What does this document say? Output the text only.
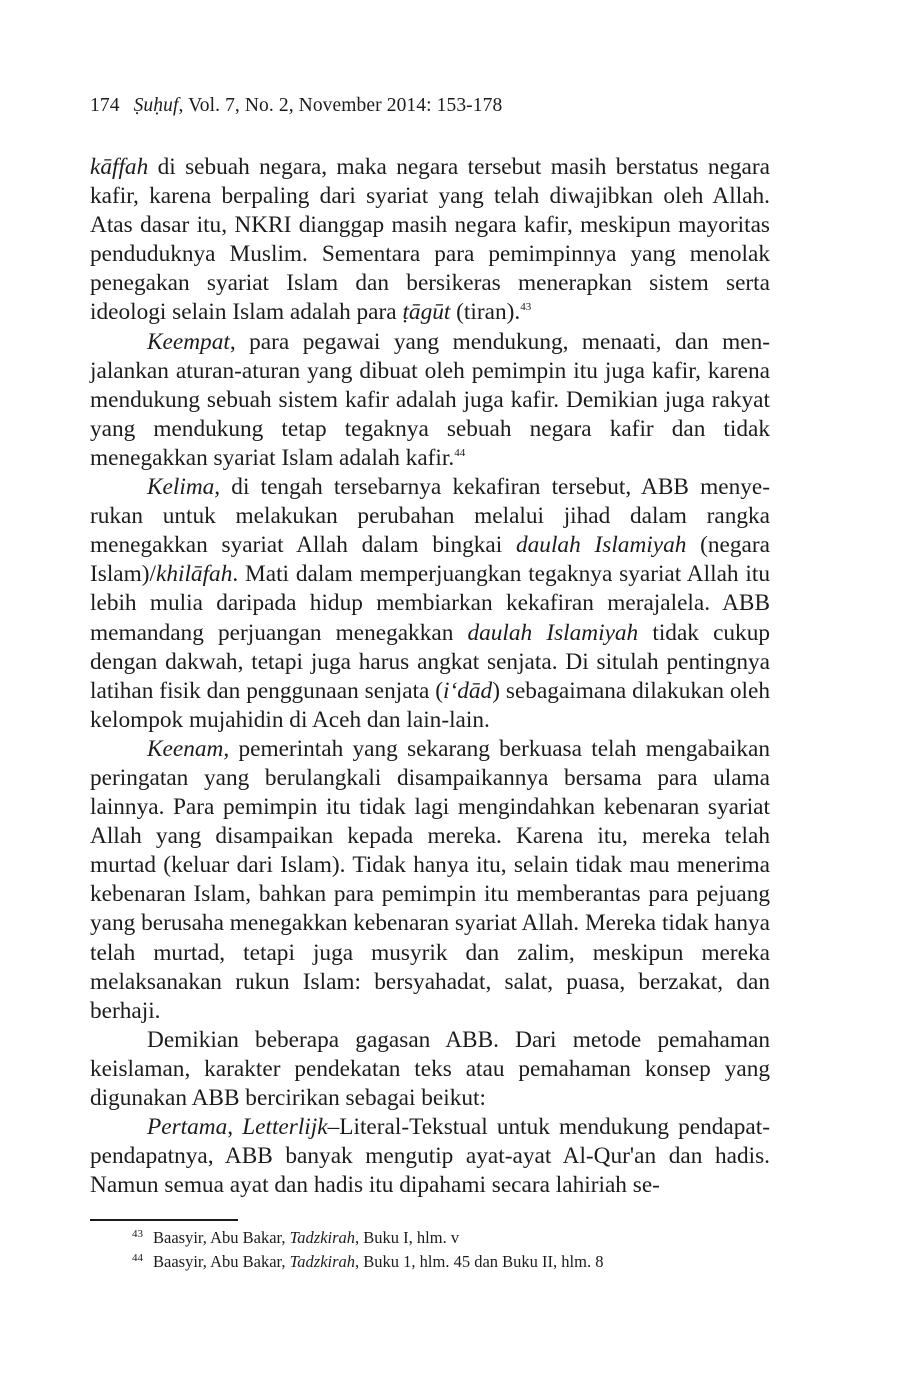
174 Ṣuḥuf, Vol. 7, No. 2, November 2014: 153-178

kāffah di sebuah negara, maka negara tersebut masih berstatus negara kafir, karena berpaling dari syariat yang telah diwajibkan oleh Allah. Atas dasar itu, NKRI dianggap masih negara kafir, meskipun mayoritas penduduknya Muslim. Sementara para pemimpinnya yang menolak penegakan syariat Islam dan bersikeras menerapkan sistem serta ideologi selain Islam adalah para ṭāgūt (tiran).$^{43}$

Keempat, para pegawai yang mendukung, menaati, dan menjalankan aturan-aturan yang dibuat oleh pemimpin itu juga kafir, karena mendukung sebuah sistem kafir adalah juga kafir. Demikian juga rakyat yang mendukung tetap tegaknya sebuah negara kafir dan tidak menegakkan syariat Islam adalah kafir.$^{44}$

Kelima, di tengah tersebarnya kekafiran tersebut, ABB menyerukan untuk melakukan perubahan melalui jihad dalam rangka menegakkan syariat Allah dalam bingkai daulah Islamiyah (negara Islam)/khilāfah. Mati dalam memperjuangkan tegaknya syariat Allah itu lebih mulia daripada hidup membiarkan kekafiran merajalela. ABB memandang perjuangan menegakkan daulah Islamiyah tidak cukup dengan dakwah, tetapi juga harus angkat senjata. Di situlah pentingnya latihan fisik dan penggunaan senjata (i‘dād) sebagaimana dilakukan oleh kelompok mujahidin di Aceh dan lain-lain.

Keenam, pemerintah yang sekarang berkuasa telah mengabaikan peringatan yang berulangkali disampaikannya bersama para ulama lainnya. Para pemimpin itu tidak lagi mengindahkan kebenaran syariat Allah yang disampaikan kepada mereka. Karena itu, mereka telah murtad (keluar dari Islam). Tidak hanya itu, selain tidak mau menerima kebenaran Islam, bahkan para pemimpin itu memberantas para pejuang yang berusaha menegakkan kebenaran syariat Allah. Mereka tidak hanya telah murtad, tetapi juga musyrik dan zalim, meskipun mereka melaksanakan rukun Islam: bersyahadat, salat, puasa, berzakat, dan berhaji.

Demikian beberapa gagasan ABB. Dari metode pemahaman keislaman, karakter pendekatan teks atau pemahaman konsep yang digunakan ABB bercirikan sebagai beikut:

Pertama, Letterlijk–Literal-Tekstual untuk mendukung pendapat-pendapatnya, ABB banyak mengutip ayat-ayat Al-Qur'an dan hadis. Namun semua ayat dan hadis itu dipahami secara lahiriah se-

$^{43}$ Baasyir, Abu Bakar, Tadzkirah, Buku I, hlm. v
$^{44}$ Baasyir, Abu Bakar, Tadzkirah, Buku 1, hlm. 45 dan Buku II, hlm. 8
